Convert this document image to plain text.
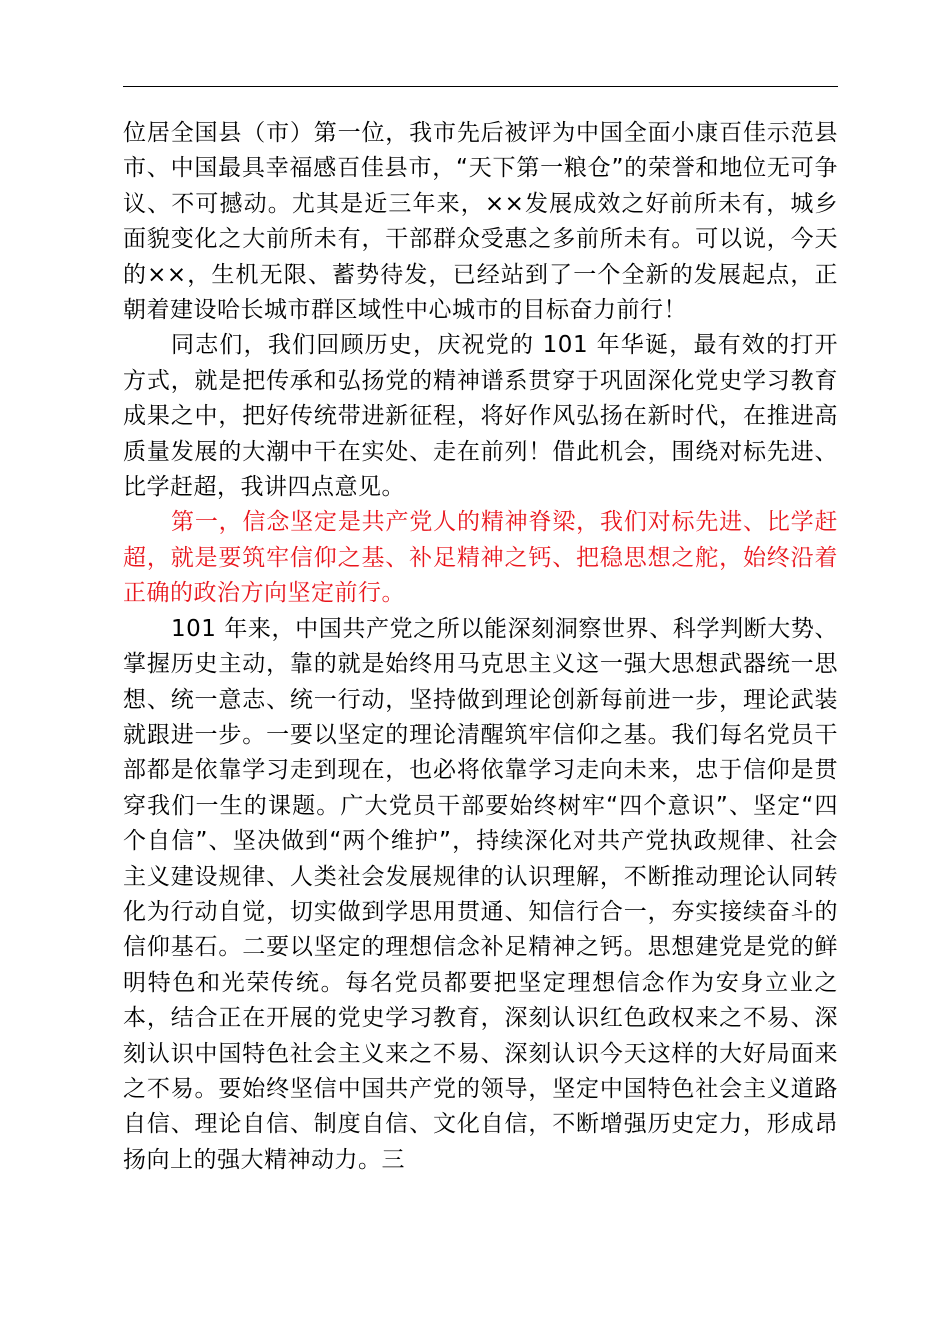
位居全国县（市）第一位，我市先后被评为中国全面小康百佳示范县市、中国最具幸福感百佳县市，“天下第一粮仓”的荣誉和地位无可争议、不可撼动。尤其是近三年来，××发展成效之好前所未有，城乡面貌变化之大前所未有，干部群众受惠之多前所未有。可以说，今天的××，生机无限、蓄势待发，已经站到了一个全新的发展起点，正朝着建设哈长城市群区域性中心城市的目标奋力前行！

同志们，我们回顾历史，庆祝党的 101 年华诞，最有效的打开方式，就是把传承和弘扬党的精神谱系贯穿于巩固深化党史学习教育成果之中，把好传统带进新征程，将好作风弘扬在新时代，在推进高质量发展的大潮中干在实处、走在前列！借此机会，围绕对标先进、比学赶超，我讲四点意见。

第一，信念坚定是共产党人的精神脊梁，我们对标先进、比学赶超，就是要筑牢信仰之基、补足精神之钙、把稳思想之舵，始终沿着正确的政治方向坚定前行。

101 年来，中国共产党之所以能深刻洞察世界、科学判断大势、掌握历史主动，靠的就是始终用马克思主义这一强大思想武器统一思想、统一意志、统一行动，坚持做到理论创新每前进一步，理论武装就跟进一步。一要以坚定的理论清醒筑牢信仰之基。我们每名党员干部都是依靠学习走到现在，也必将依靠学习走向未来，忠于信仰是贯穿我们一生的课题。广大党员干部要始终树牢“四个意识”、坚定“四个自信”、坚决做到“两个维护”，持续深化对共产党执政规律、社会主义建设规律、人类社会发展规律的认识理解，不断推动理论认同转化为行动自觉，切实做到学思用贯通、知信行合一，夯实接续奋斗的信仰基石。二要以坚定的理想信念补足精神之钙。思想建党是党的鲜明特色和光荣传统。每名党员都要把坚定理想信念作为安身立业之本，结合正在开展的党史学习教育，深刻认识红色政权来之不易、深刻认识中国特色社会主义来之不易、深刻认识今天这样的大好局面来之不易。要始终坚信中国共产党的领导，坚定中国特色社会主义道路自信、理论自信、制度自信、文化自信，不断增强历史定力，形成昂扬向上的强大精神动力。三
